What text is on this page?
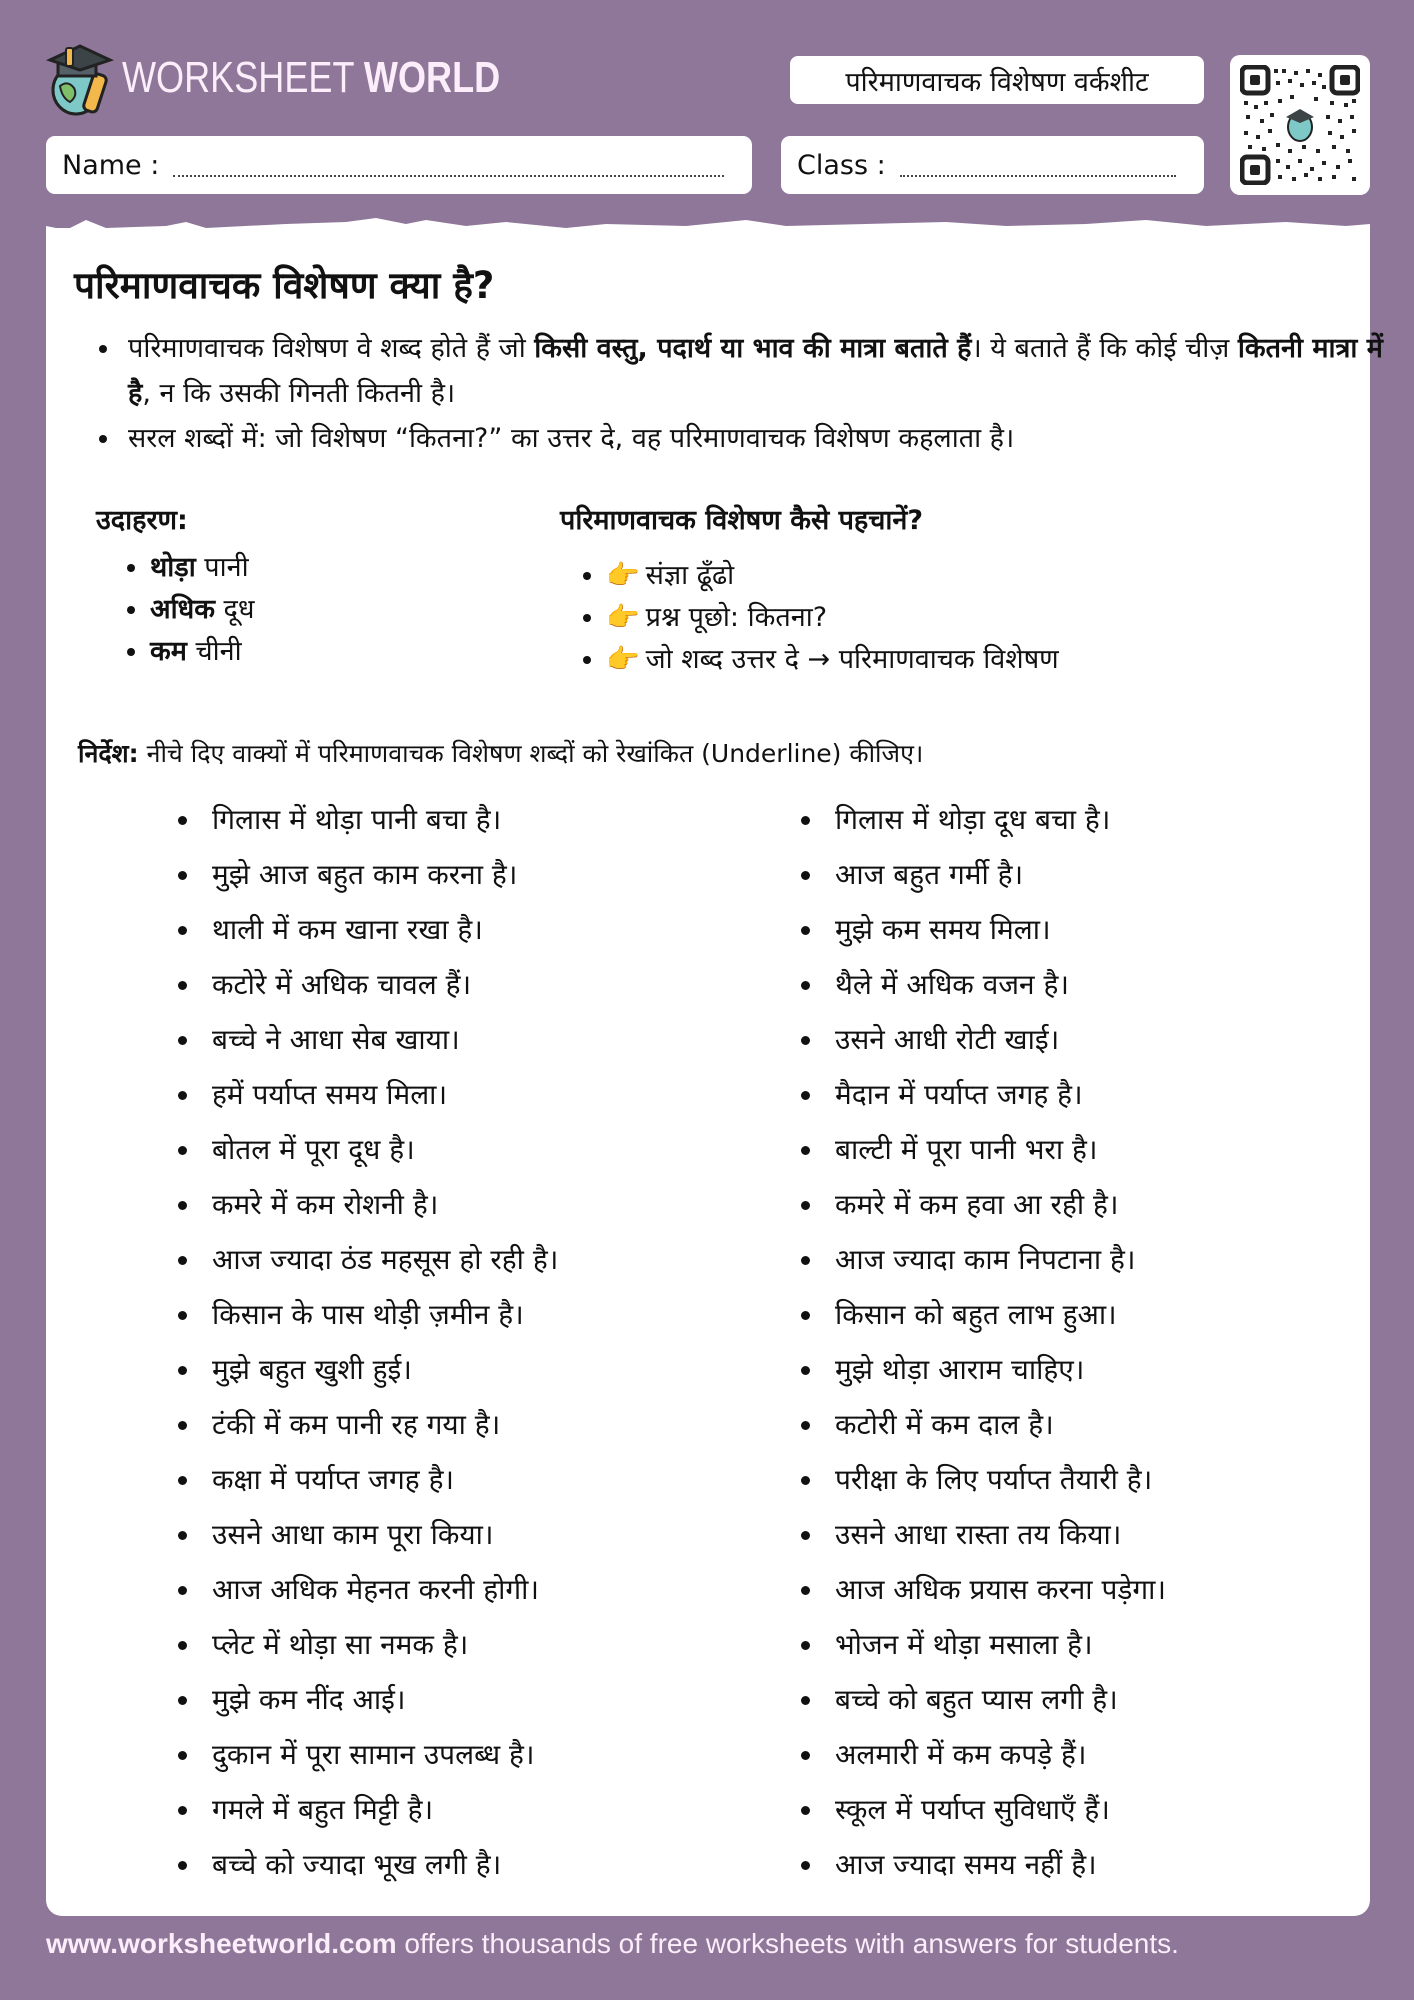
WORKSHEET WORLD	परिमाणवाचक विशेषण वर्कशीट
Name :	Class :
परिमाणवाचक विशेषण क्या है?
• परिमाणवाचक विशेषण वे शब्द होते हैं जो किसी वस्तु, पदार्थ या भाव की मात्रा बताते हैं। ये बताते हैं कि कोई चीज़ कितनी मात्रा में है, न कि उसकी गिनती कितनी है।
• सरल शब्दों में: जो विशेषण “कितना?” का उत्तर दे, वह परिमाणवाचक विशेषण कहलाता है।
उदाहरण:
• थोड़ा पानी
• अधिक दूध
• कम चीनी
परिमाणवाचक विशेषण कैसे पहचानें?
• 👉 संज्ञा ढूँढो
• 👉 प्रश्न पूछो: कितना?
• 👉 जो शब्द उत्तर दे → परिमाणवाचक विशेषण
निर्देश: नीचे दिए वाक्यों में परिमाणवाचक विशेषण शब्दों को रेखांकित (Underline) कीजिए।
• गिलास में थोड़ा पानी बचा है।
• मुझे आज बहुत काम करना है।
• थाली में कम खाना रखा है।
• कटोरे में अधिक चावल हैं।
• बच्चे ने आधा सेब खाया।
• हमें पर्याप्त समय मिला।
• बोतल में पूरा दूध है।
• कमरे में कम रोशनी है।
• आज ज्यादा ठंड महसूस हो रही है।
• किसान के पास थोड़ी ज़मीन है।
• मुझे बहुत खुशी हुई।
• टंकी में कम पानी रह गया है।
• कक्षा में पर्याप्त जगह है।
• उसने आधा काम पूरा किया।
• आज अधिक मेहनत करनी होगी।
• प्लेट में थोड़ा सा नमक है।
• मुझे कम नींद आई।
• दुकान में पूरा सामान उपलब्ध है।
• गमले में बहुत मिट्टी है।
• बच्चे को ज्यादा भूख लगी है।
• गिलास में थोड़ा दूध बचा है।
• आज बहुत गर्मी है।
• मुझे कम समय मिला।
• थैले में अधिक वजन है।
• उसने आधी रोटी खाई।
• मैदान में पर्याप्त जगह है।
• बाल्टी में पूरा पानी भरा है।
• कमरे में कम हवा आ रही है।
• आज ज्यादा काम निपटाना है।
• किसान को बहुत लाभ हुआ।
• मुझे थोड़ा आराम चाहिए।
• कटोरी में कम दाल है।
• परीक्षा के लिए पर्याप्त तैयारी है।
• उसने आधा रास्ता तय किया।
• आज अधिक प्रयास करना पड़ेगा।
• भोजन में थोड़ा मसाला है।
• बच्चे को बहुत प्यास लगी है।
• अलमारी में कम कपड़े हैं।
• स्कूल में पर्याप्त सुविधाएँ हैं।
• आज ज्यादा समय नहीं है।
www.worksheetworld.com offers thousands of free worksheets with answers for students.
